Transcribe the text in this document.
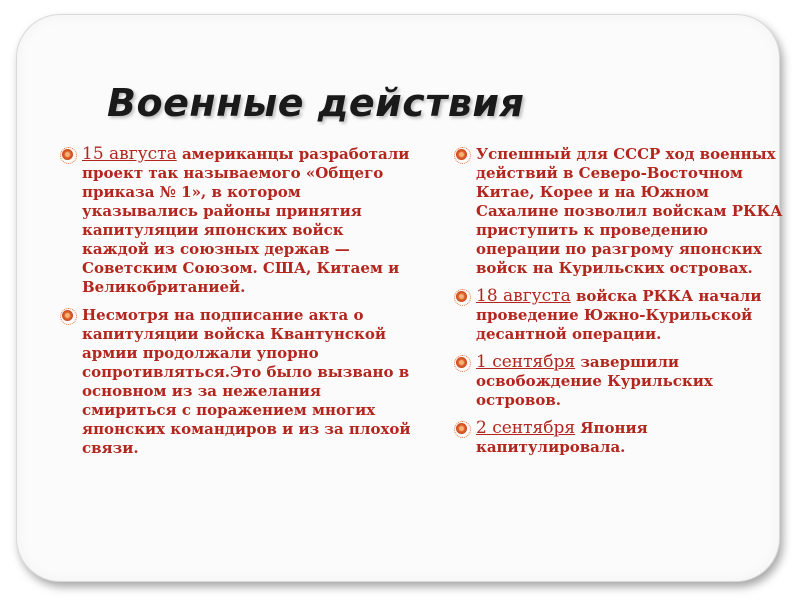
Военные действия
15 августа американцы разработали проект так называемого «Общего приказа № 1», в котором указывались районы принятия капитуляции японских войск каждой из союзных держав — Советским Союзом. США, Китаем и Великобританией.
Несмотря на подписание акта о капитуляции войска Квантунской армии продолжали упорно сопротивляться.Это было вызвано в основном из за нежелания смириться с поражением многих японских командиров и из за плохой связи.
Успешный для СССР ход военных действий в Северо-Восточном Китае, Корее и на Южном Сахалине позволил войскам РККА приступить к проведению операции по разгрому японских войск на Курильских островах.
18 августа войска РККА начали проведение Южно-Курильской десантной операции.
1 сентября завершили освобождение Курильских островов.
2 сентября Япония капитулировала.
